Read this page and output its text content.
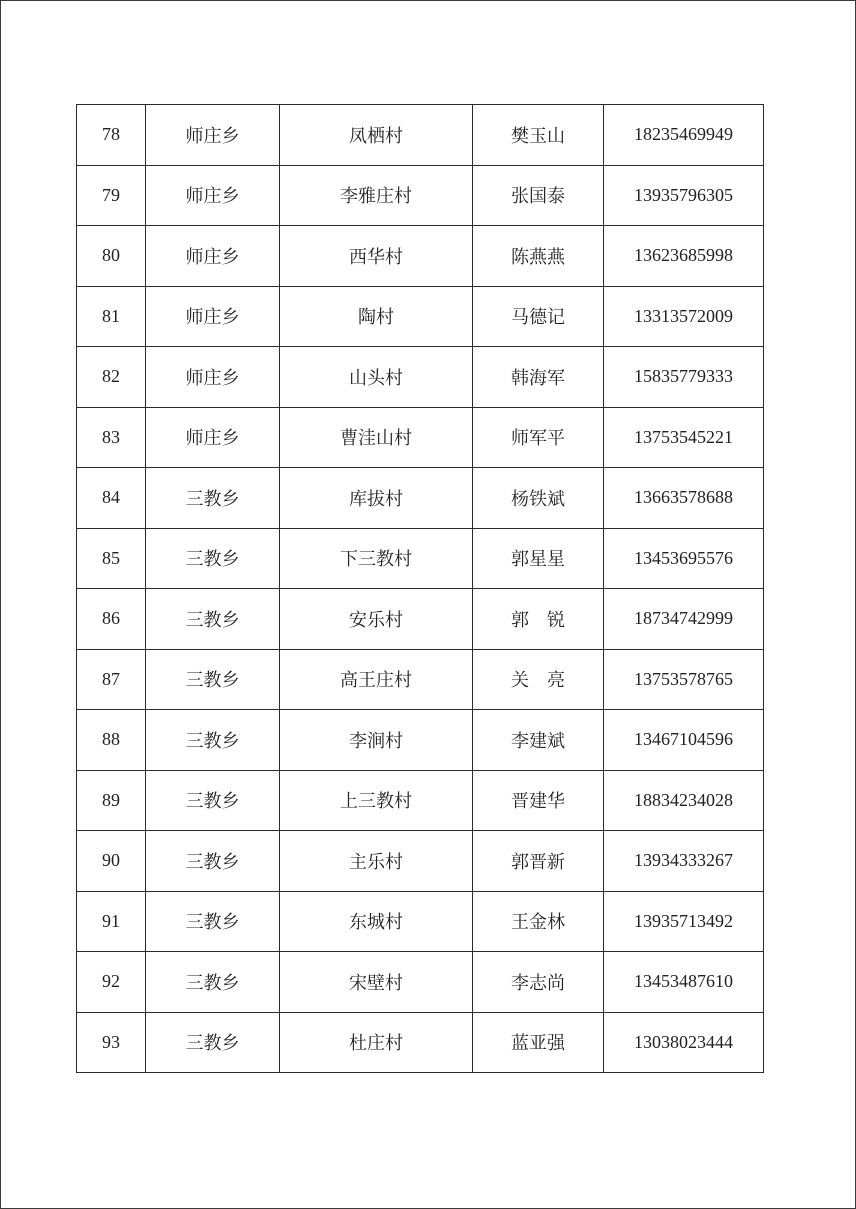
78	师庄乡	凤栖村	樊玉山	18235469949
79	师庄乡	李雅庄村	张国泰	13935796305
80	师庄乡	西华村	陈燕燕	13623685998
81	师庄乡	陶村	马德记	13313572009
82	师庄乡	山头村	韩海军	15835779333
83	师庄乡	曹洼山村	师军平	13753545221
84	三教乡	库拔村	杨铁斌	13663578688
85	三教乡	下三教村	郭星星	13453695576
86	三教乡	安乐村	郭　锐	18734742999
87	三教乡	高王庄村	关　亮	13753578765
88	三教乡	李涧村	李建斌	13467104596
89	三教乡	上三教村	晋建华	18834234028
90	三教乡	主乐村	郭晋新	13934333267
91	三教乡	东城村	王金林	13935713492
92	三教乡	宋壁村	李志尚	13453487610
93	三教乡	杜庄村	蓝亚强	13038023444
